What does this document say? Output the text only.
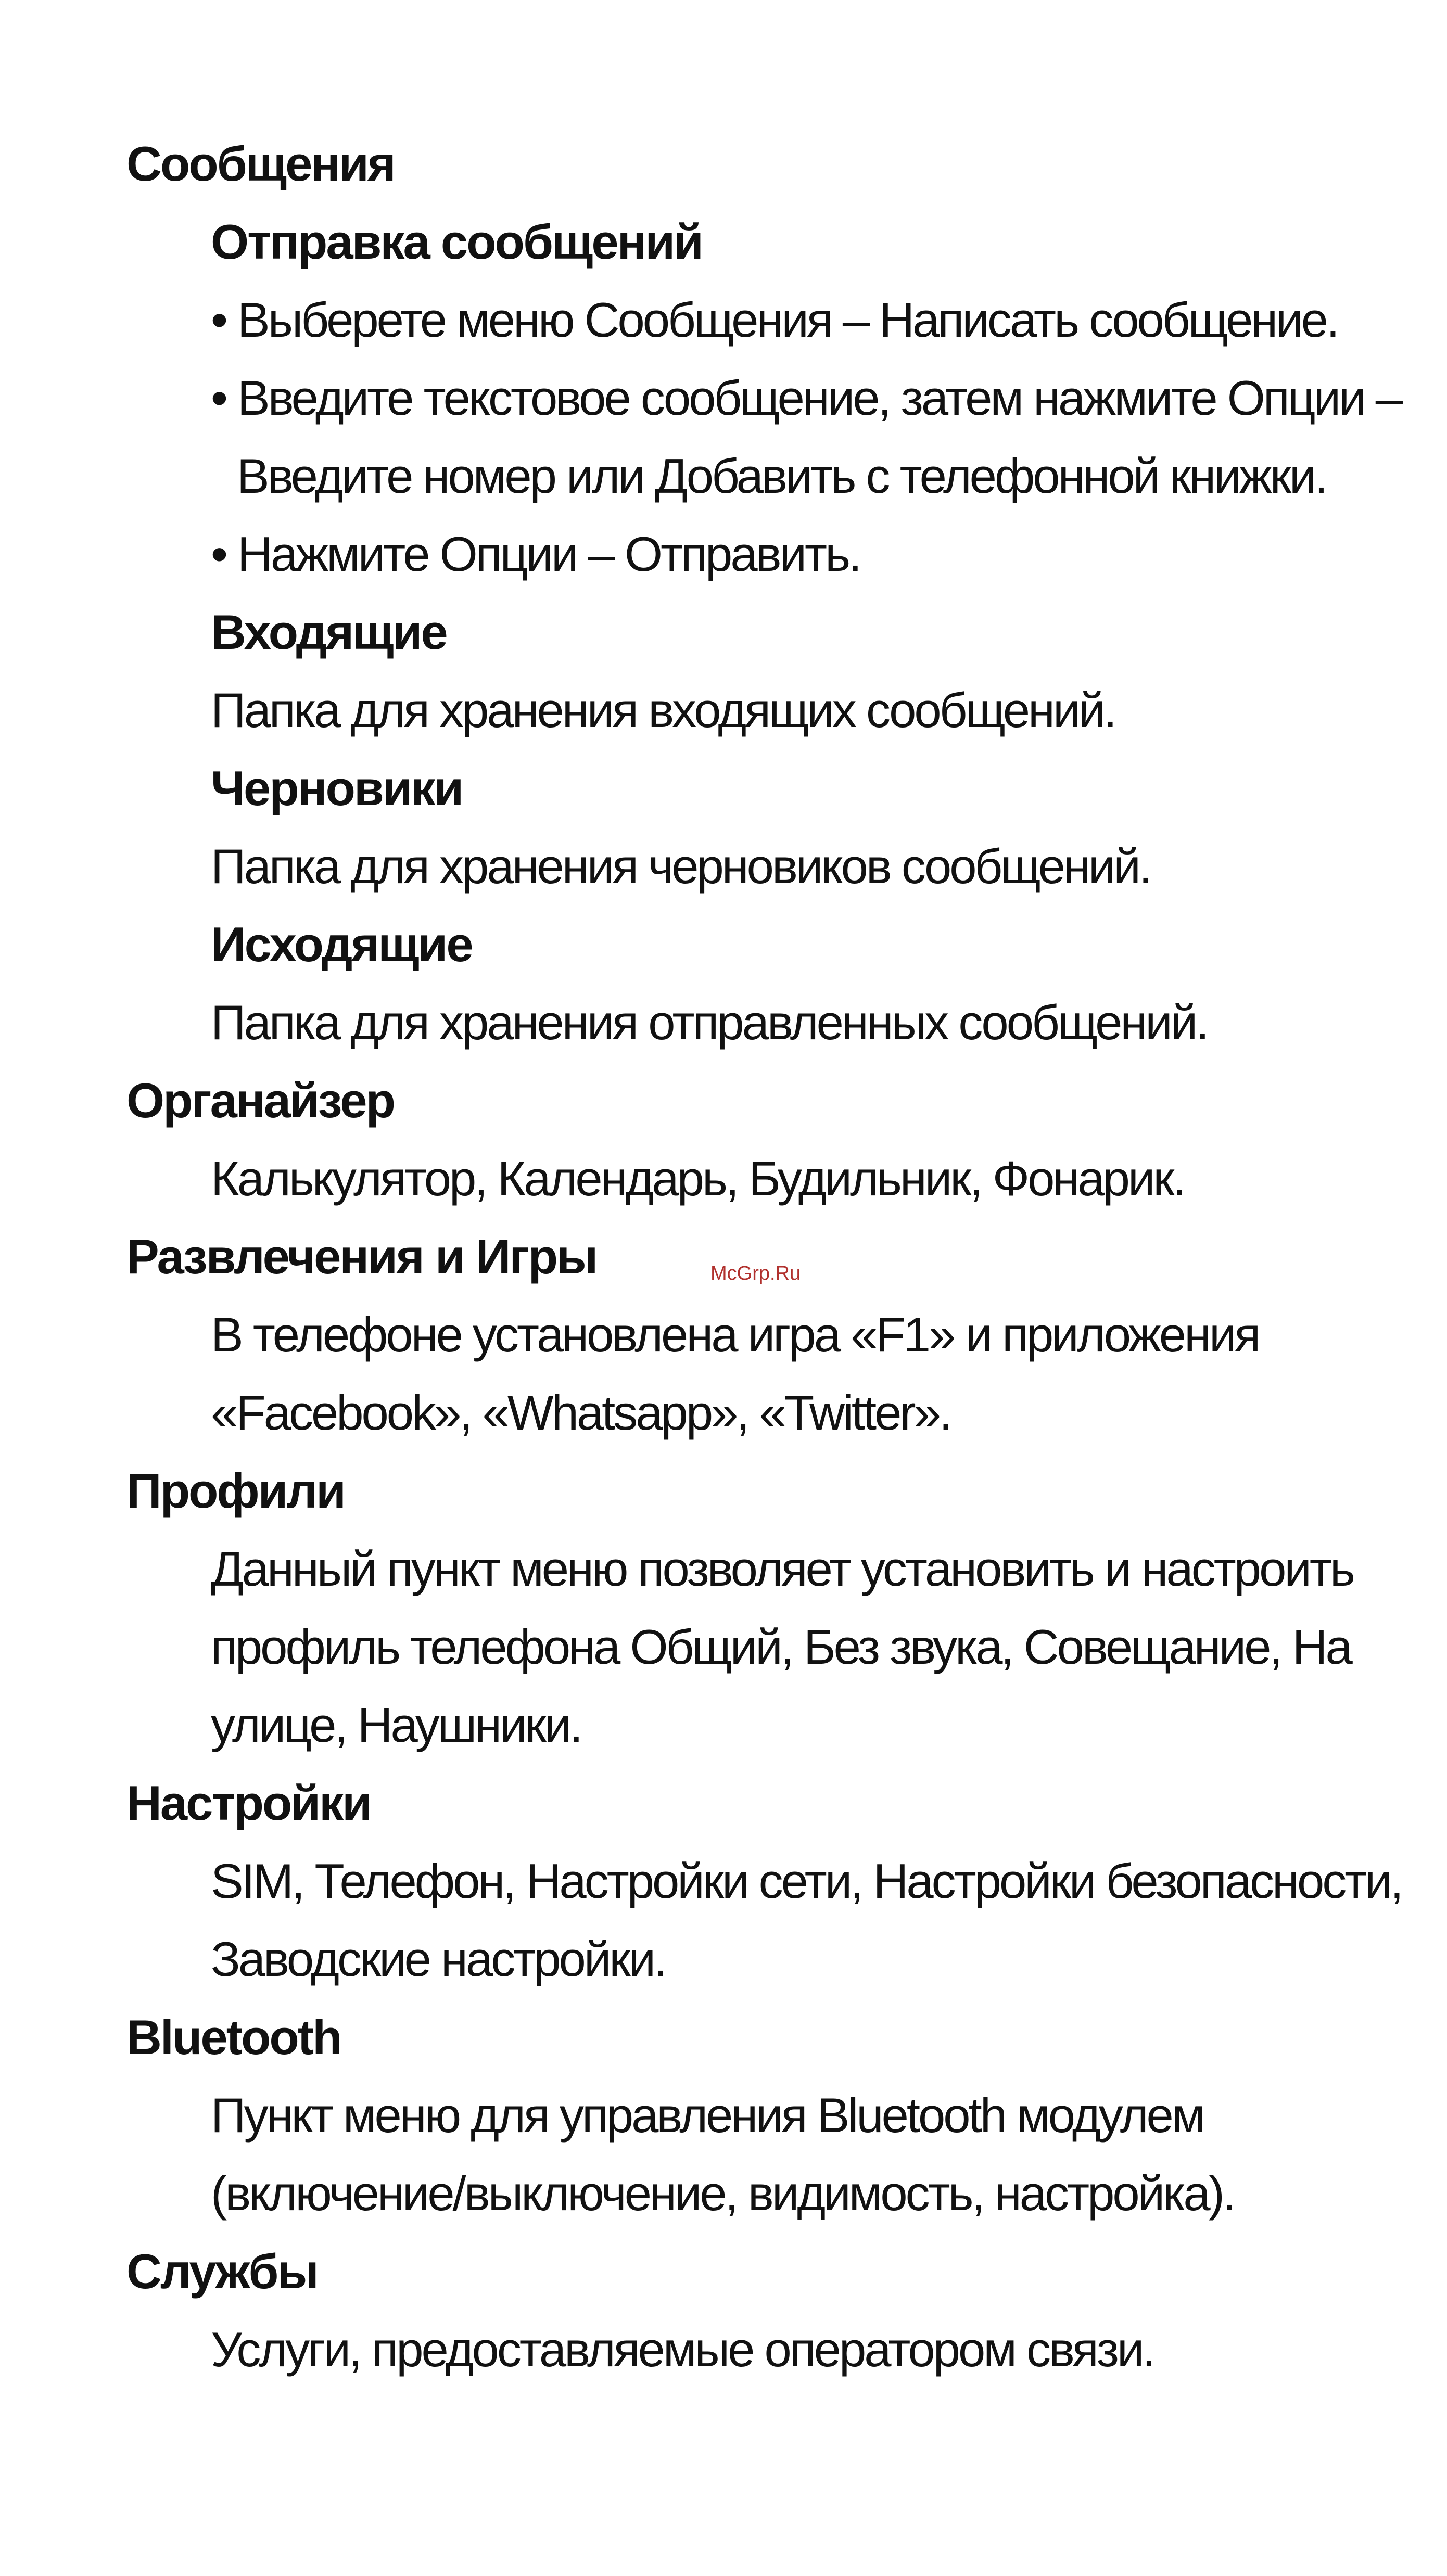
Сообщения
Отправка сообщений
• Выберете меню Сообщения – Написать сообщение.
• Введите текстовое сообщение, затем нажмите Опции –
Введите номер или Добавить с телефонной книжки.
• Нажмите Опции – Отправить.
Входящие
Папка для хранения входящих сообщений.
Черновики
Папка для хранения черновиков сообщений.
Исходящие
Папка для хранения отправленных сообщений.
Органайзер
Калькулятор, Календарь, Будильник, Фонарик.
Развлечения и Игры
В телефоне установлена игра «F1» и приложения
«Facebook», «Whatsapp», «Twitter».
Профили
Данный пункт меню позволяет установить и настроить
профиль телефона Общий, Без звука, Совещание, На
улице, Наушники.
Настройки
SIM, Телефон, Настройки сети, Настройки безопасности,
Заводские настройки.
Bluetooth
Пункт меню для управления Bluetooth модулем
(включение/выключение, видимость, настройка).
Службы
Услуги, предоставляемые оператором связи.
McGrp.Ru
